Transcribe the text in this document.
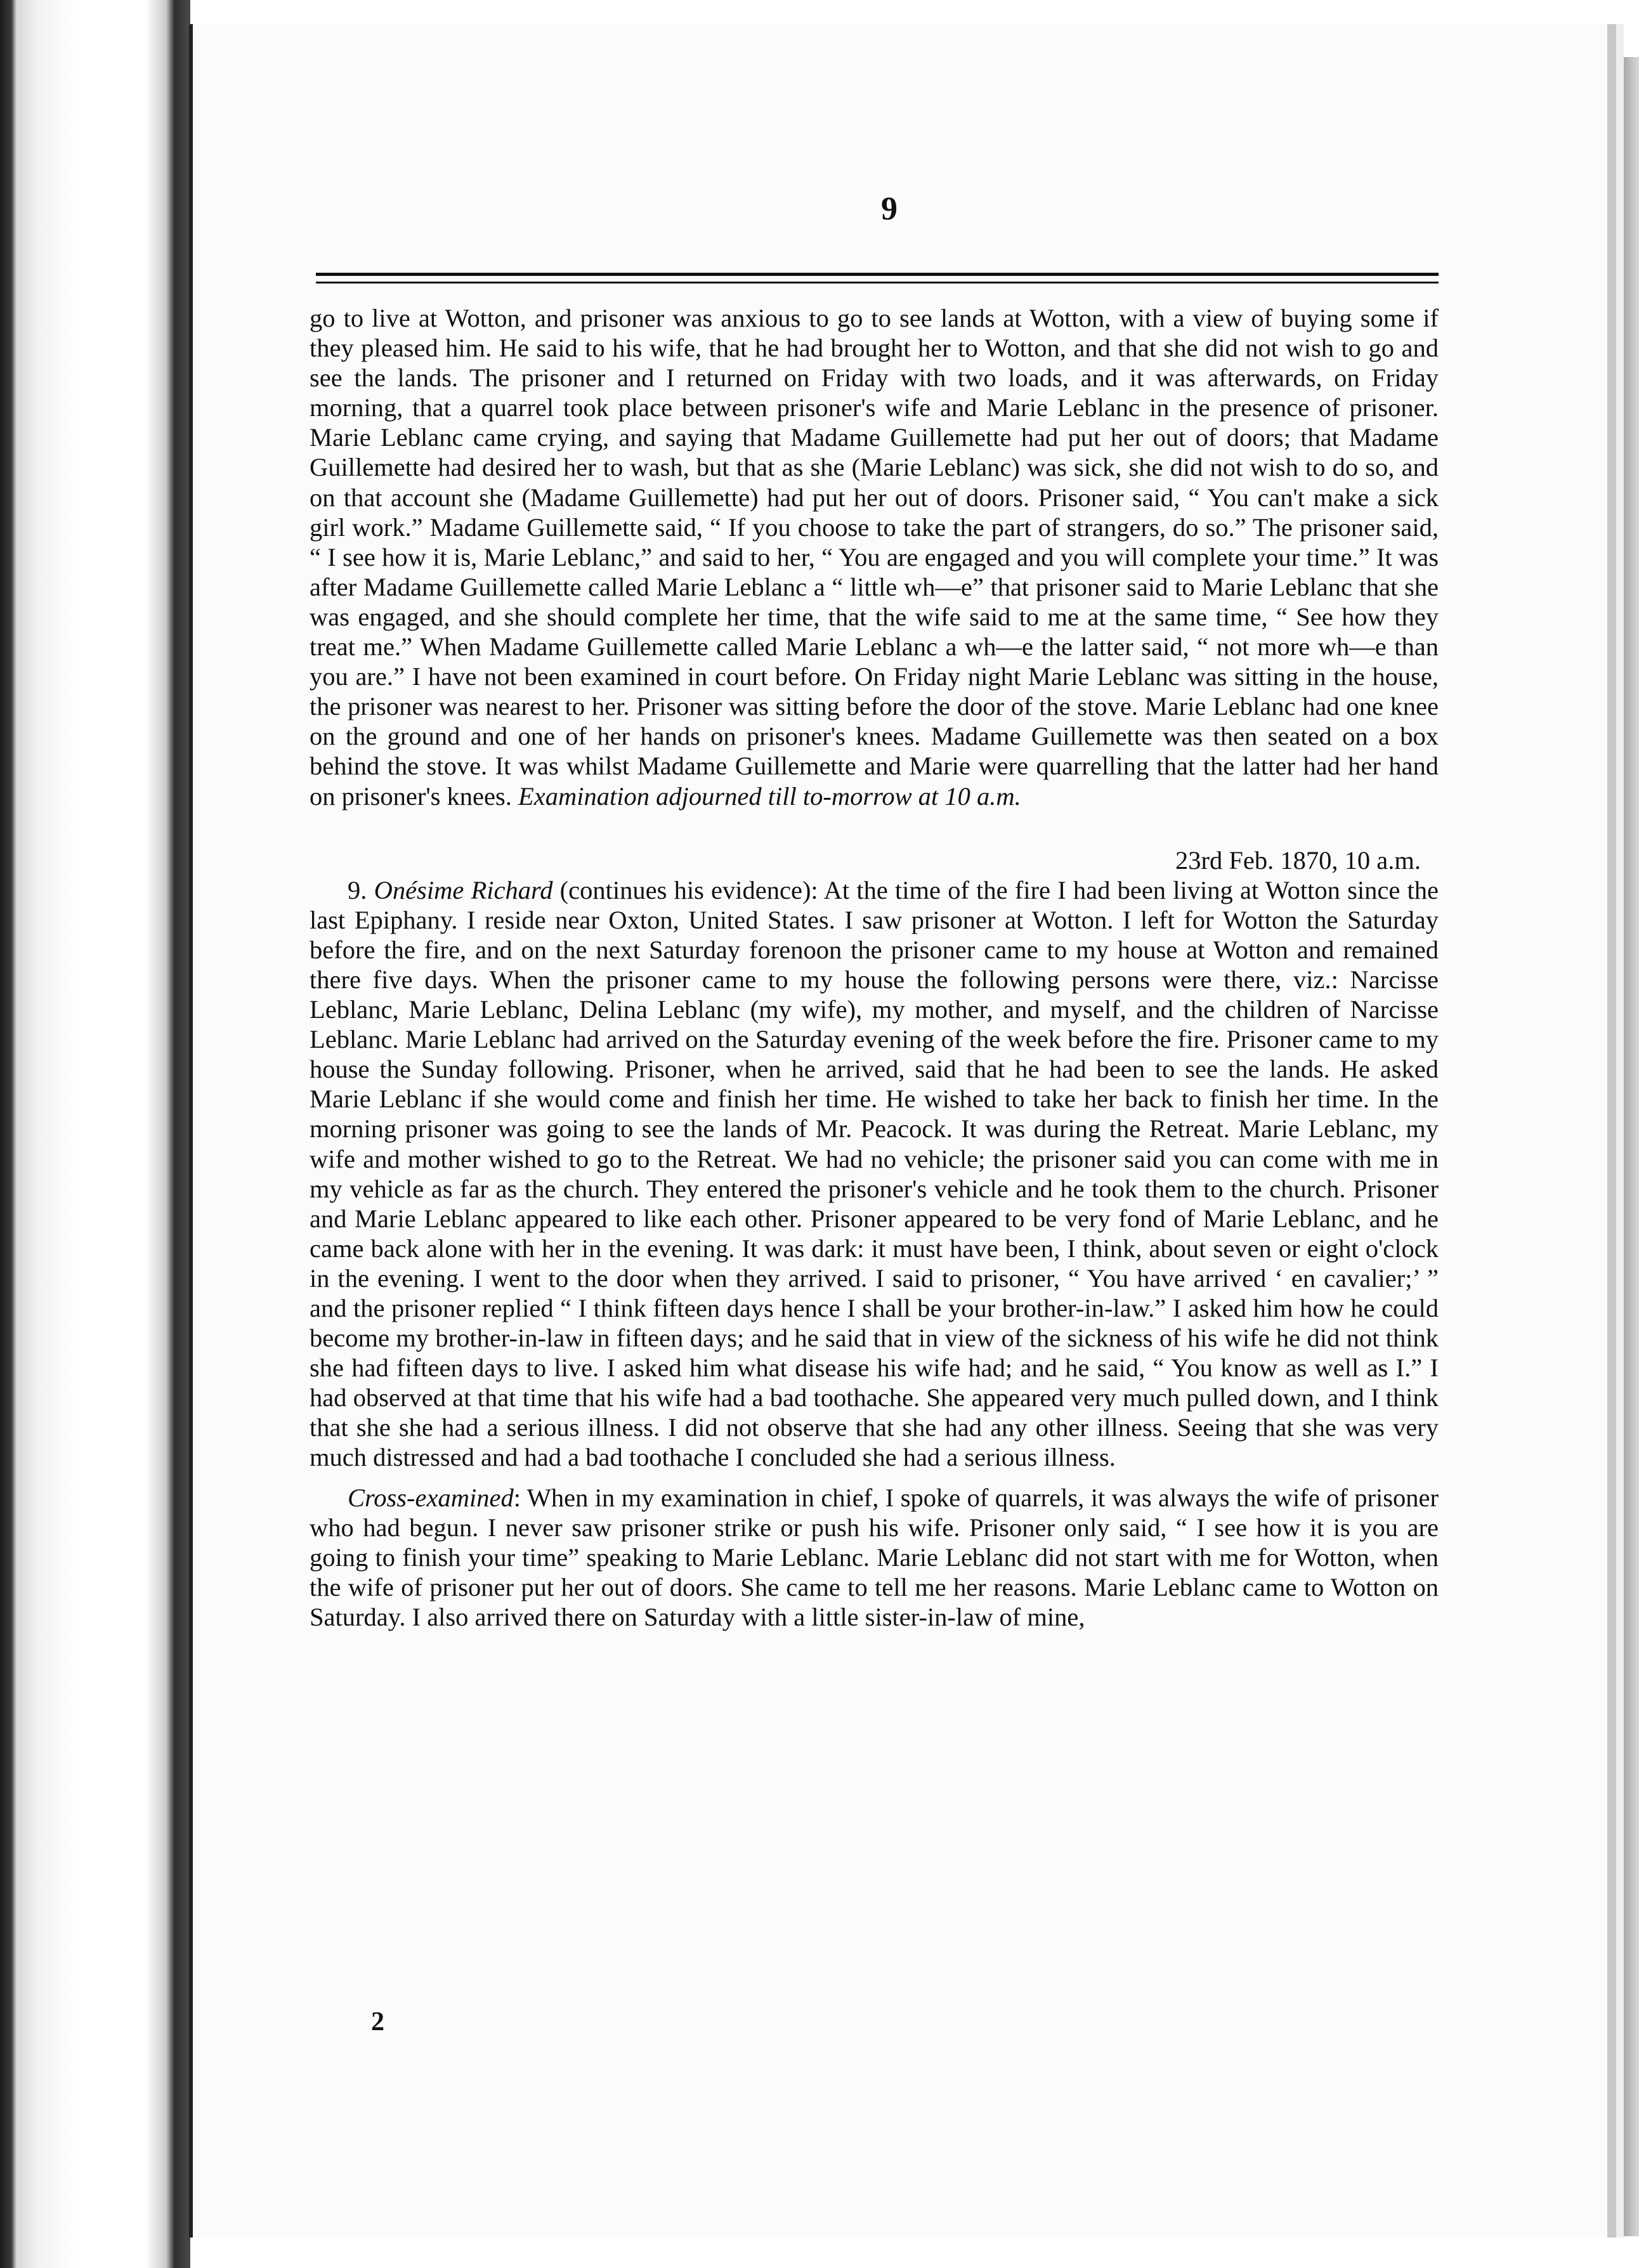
9

go to live at Wotton, and prisoner was anxious to go to see lands at Wotton, with a view of buying some if they pleased him. He said to his wife, that he had brought her to Wotton, and that she did not wish to go and see the lands. The prisoner and I returned on Friday with two loads, and it was afterwards, on Friday morning, that a quarrel took place between prisoner's wife and Marie Leblanc in the presence of prisoner. Marie Leblanc came crying, and saying that Madame Guillemette had put her out of doors; that Madame Guillemette had desired her to wash, but that as she (Marie Leblanc) was sick, she did not wish to do so, and on that account she (Madame Guillemette) had put her out of doors. Prisoner said, “ You can't make a sick girl work.” Madame Guillemette said, “ If you choose to take the part of strangers, do so.” The prisoner said, “ I see how it is, Marie Leblanc,” and said to her, “ You are engaged and you will complete your time.” It was after Madame Guillemette called Marie Leblanc a “ little wh—e” that prisoner said to Marie Leblanc that she was engaged, and she should complete her time, that the wife said to me at the same time, “ See how they treat me.” When Madame Guillemette called Marie Leblanc a wh—e the latter said, “ not more wh—e than you are.” I have not been examined in court before. On Friday night Marie Leblanc was sitting in the house, the prisoner was nearest to her. Prisoner was sitting before the door of the stove. Marie Leblanc had one knee on the ground and one of her hands on prisoner's knees. Madame Guillemette was then seated on a box behind the stove. It was whilst Madame Guillemette and Marie were quarrelling that the latter had her hand on prisoner's knees. Examination adjourned till to-morrow at 10 a.m.

23rd Feb. 1870, 10 a.m.

9. Onésime Richard (continues his evidence): At the time of the fire I had been living at Wotton since the last Epiphany. I reside near Oxton, United States. I saw prisoner at Wotton. I left for Wotton the Saturday before the fire, and on the next Saturday forenoon the prisoner came to my house at Wotton and remained there five days. When the prisoner came to my house the following persons were there, viz.: Narcisse Leblanc, Marie Leblanc, Delina Leblanc (my wife), my mother, and myself, and the children of Narcisse Leblanc. Marie Leblanc had arrived on the Saturday evening of the week before the fire. Prisoner came to my house the Sunday following. Prisoner, when he arrived, said that he had been to see the lands. He asked Marie Leblanc if she would come and finish her time. He wished to take her back to finish her time. In the morning prisoner was going to see the lands of Mr. Peacock. It was during the Retreat. Marie Leblanc, my wife and mother wished to go to the Retreat. We had no vehicle; the prisoner said you can come with me in my vehicle as far as the church. They entered the prisoner's vehicle and he took them to the church. Prisoner and Marie Leblanc appeared to like each other. Prisoner appeared to be very fond of Marie Leblanc, and he came back alone with her in the evening. It was dark: it must have been, I think, about seven or eight o'clock in the evening. I went to the door when they arrived. I said to prisoner, “ You have arrived ‘ en cavalier;’ ” and the prisoner replied “ I think fifteen days hence I shall be your brother-in-law.” I asked him how he could become my brother-in-law in fifteen days; and he said that in view of the sickness of his wife he did not think she had fifteen days to live. I asked him what disease his wife had; and he said, “ You know as well as I.” I had observed at that time that his wife had a bad toothache. She appeared very much pulled down, and I think that she she had a serious illness. I did not observe that she had any other illness. Seeing that she was very much distressed and had a bad toothache I concluded she had a serious illness.

Cross-examined: When in my examination in chief, I spoke of quarrels, it was always the wife of prisoner who had begun. I never saw prisoner strike or push his wife. Prisoner only said, “ I see how it is you are going to finish your time” speaking to Marie Leblanc. Marie Leblanc did not start with me for Wotton, when the wife of prisoner put her out of doors. She came to tell me her reasons. Marie Leblanc came to Wotton on Saturday. I also arrived there on Saturday with a little sister-in-law of mine,

2
